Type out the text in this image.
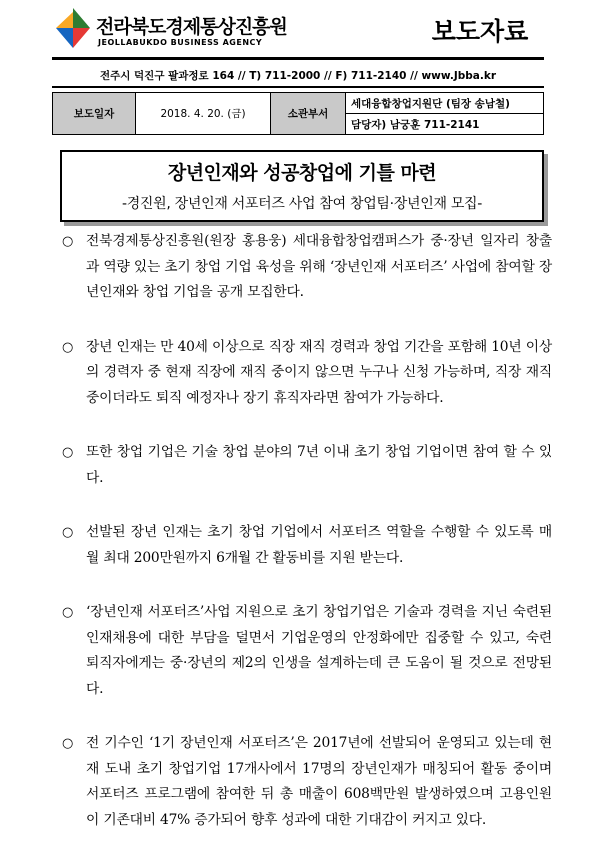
전라북도경제통상진흥원
JEOLLABUKDO BUSINESS AGENCY	보도자료
전주시 덕진구 팔과정로 164 // T) 711-2000 // F) 711-2140 // www.Jbba.kr
보도일자	2018. 4. 20. (금)	소관부서	세대융합창업지원단 (팀장 송남철)
담당자) 남궁훈 711-2141
장년인재와 성공창업에 기틀 마련
-경진원, 장년인재 서포터즈 사업 참여 창업팀·장년인재 모집-
○ 전북경제통상진흥원(원장 홍용웅) 세대융합창업캠퍼스가 중·장년 일자리 창출과 역량 있는 초기 창업 기업 육성을 위해 ‘장년인재 서포터즈’ 사업에 참여할 장년인재와 창업 기업을 공개 모집한다.
○ 장년 인재는 만 40세 이상으로 직장 재직 경력과 창업 기간을 포함해 10년 이상의 경력자 중 현재 직장에 재직 중이지 않으면 누구나 신청 가능하며, 직장 재직 중이더라도 퇴직 예정자나 장기 휴직자라면 참여가 가능하다.
○ 또한 창업 기업은 기술 창업 분야의 7년 이내 초기 창업 기업이면 참여 할 수 있다.
○ 선발된 장년 인재는 초기 창업 기업에서 서포터즈 역할을 수행할 수 있도록 매월 최대 200만원까지 6개월 간 활동비를 지원 받는다.
○ ‘장년인재 서포터즈’사업 지원으로 초기 창업기업은 기술과 경력을 지닌 숙련된 인재채용에 대한 부담을 덜면서 기업운영의 안정화에만 집중할 수 있고, 숙련 퇴직자에게는 중·장년의 제2의 인생을 설계하는데 큰 도움이 될 것으로 전망된다.
○ 전 기수인 ‘1기 장년인재 서포터즈’은 2017년에 선발되어 운영되고 있는데 현재 도내 초기 창업기업 17개사에서 17명의 장년인재가 매칭되어 활동 중이며 서포터즈 프로그램에 참여한 뒤 총 매출이 608백만원 발생하였으며 고용인원이 기존대비 47% 증가되어 향후 성과에 대한 기대감이 커지고 있다.
